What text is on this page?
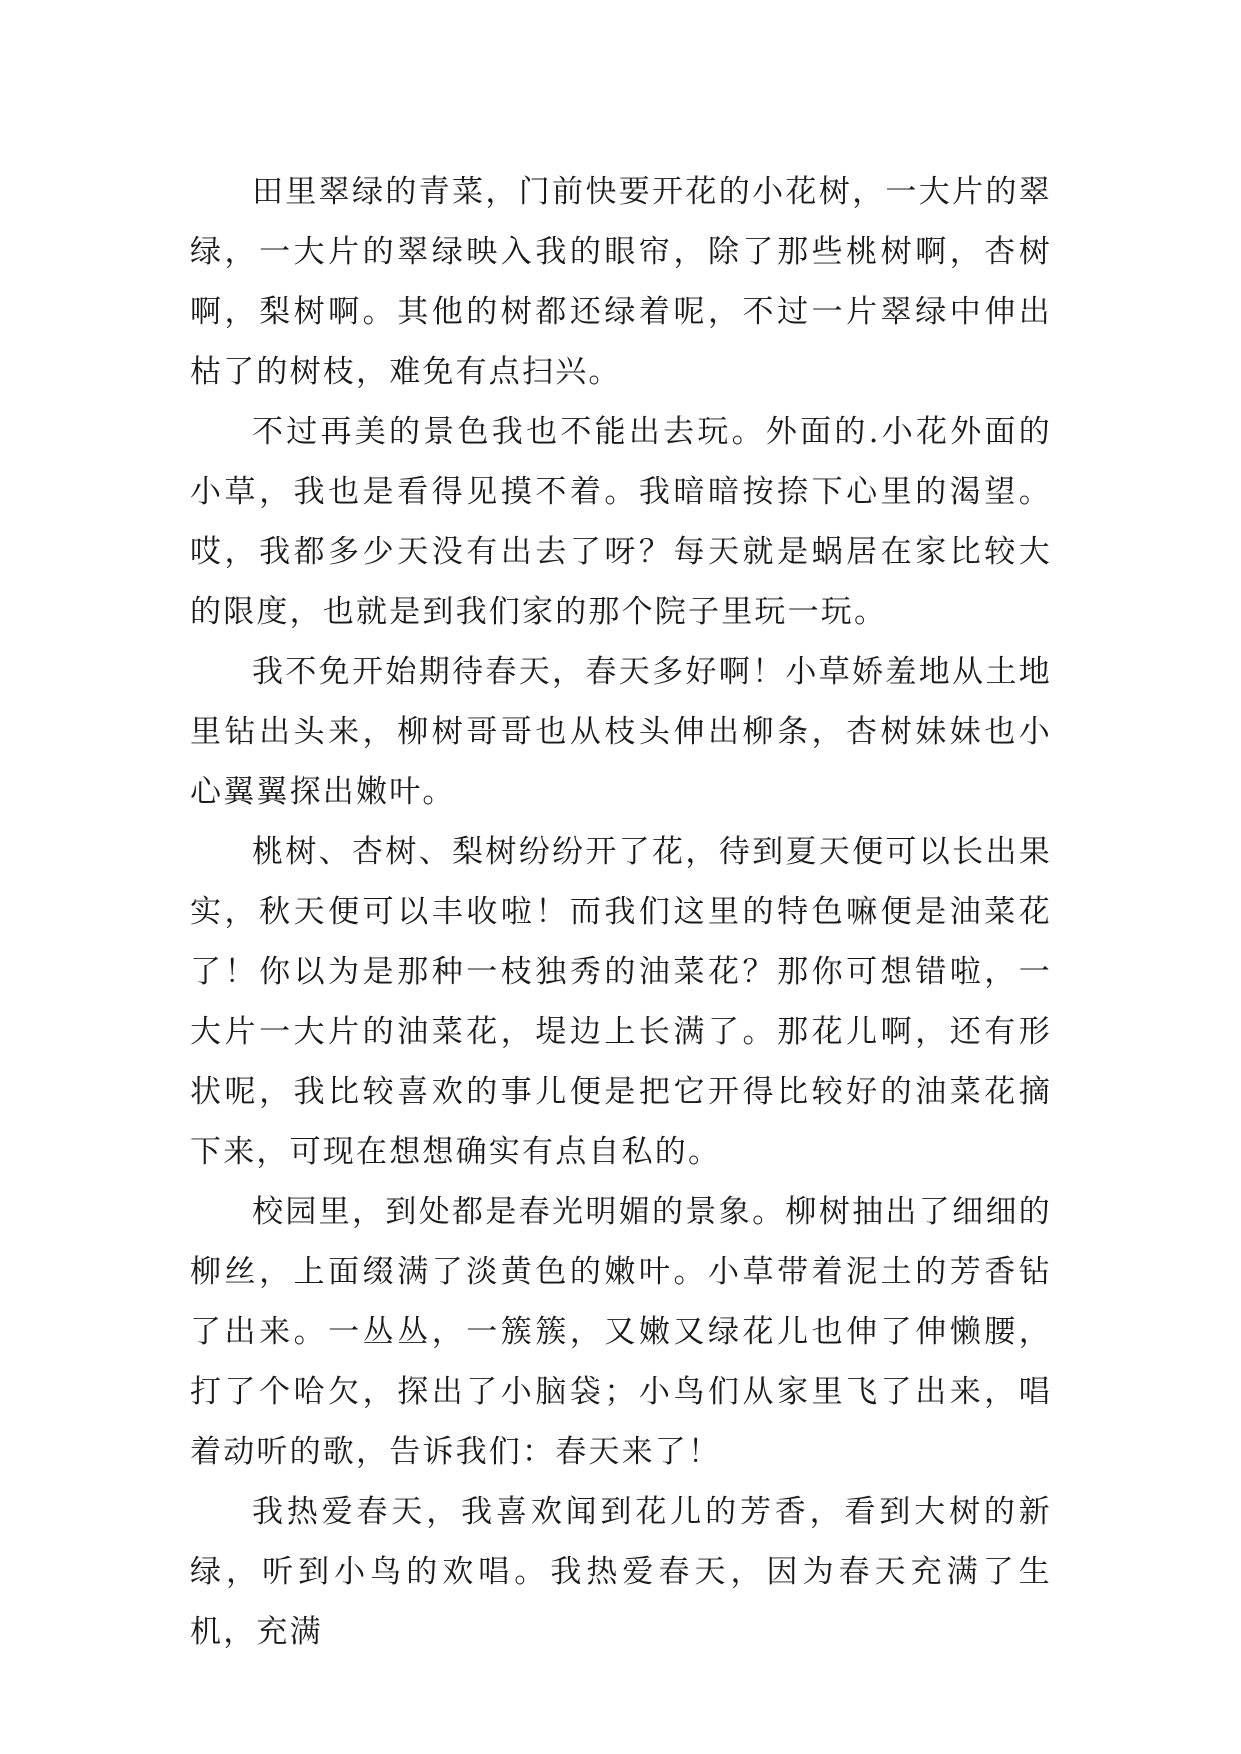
田里翠绿的青菜，门前快要开花的小花树，一大片的翠绿，一大片的翠绿映入我的眼帘，除了那些桃树啊，杏树啊，梨树啊。其他的树都还绿着呢，不过一片翠绿中伸出枯了的树枝，难免有点扫兴。

不过再美的景色我也不能出去玩。外面的.小花外面的小草，我也是看得见摸不着。我暗暗按捺下心里的渴望。哎，我都多少天没有出去了呀？每天就是蜗居在家比较大的限度，也就是到我们家的那个院子里玩一玩。

我不免开始期待春天，春天多好啊！小草娇羞地从土地里钻出头来，柳树哥哥也从枝头伸出柳条，杏树妹妹也小心翼翼探出嫩叶。

桃树、杏树、梨树纷纷开了花，待到夏天便可以长出果实，秋天便可以丰收啦！而我们这里的特色嘛便是油菜花了！你以为是那种一枝独秀的油菜花？那你可想错啦，一大片一大片的油菜花，堤边上长满了。那花儿啊，还有形状呢，我比较喜欢的事儿便是把它开得比较好的油菜花摘下来，可现在想想确实有点自私的。

校园里，到处都是春光明媚的景象。柳树抽出了细细的柳丝，上面缀满了淡黄色的嫩叶。小草带着泥土的芳香钻了出来。一丛丛，一簇簇，又嫩又绿花儿也伸了伸懒腰，打了个哈欠，探出了小脑袋；小鸟们从家里飞了出来，唱着动听的歌，告诉我们：春天来了！

我热爱春天，我喜欢闻到花儿的芳香，看到大树的新绿，听到小鸟的欢唱。我热爱春天，因为春天充满了生机，充满
